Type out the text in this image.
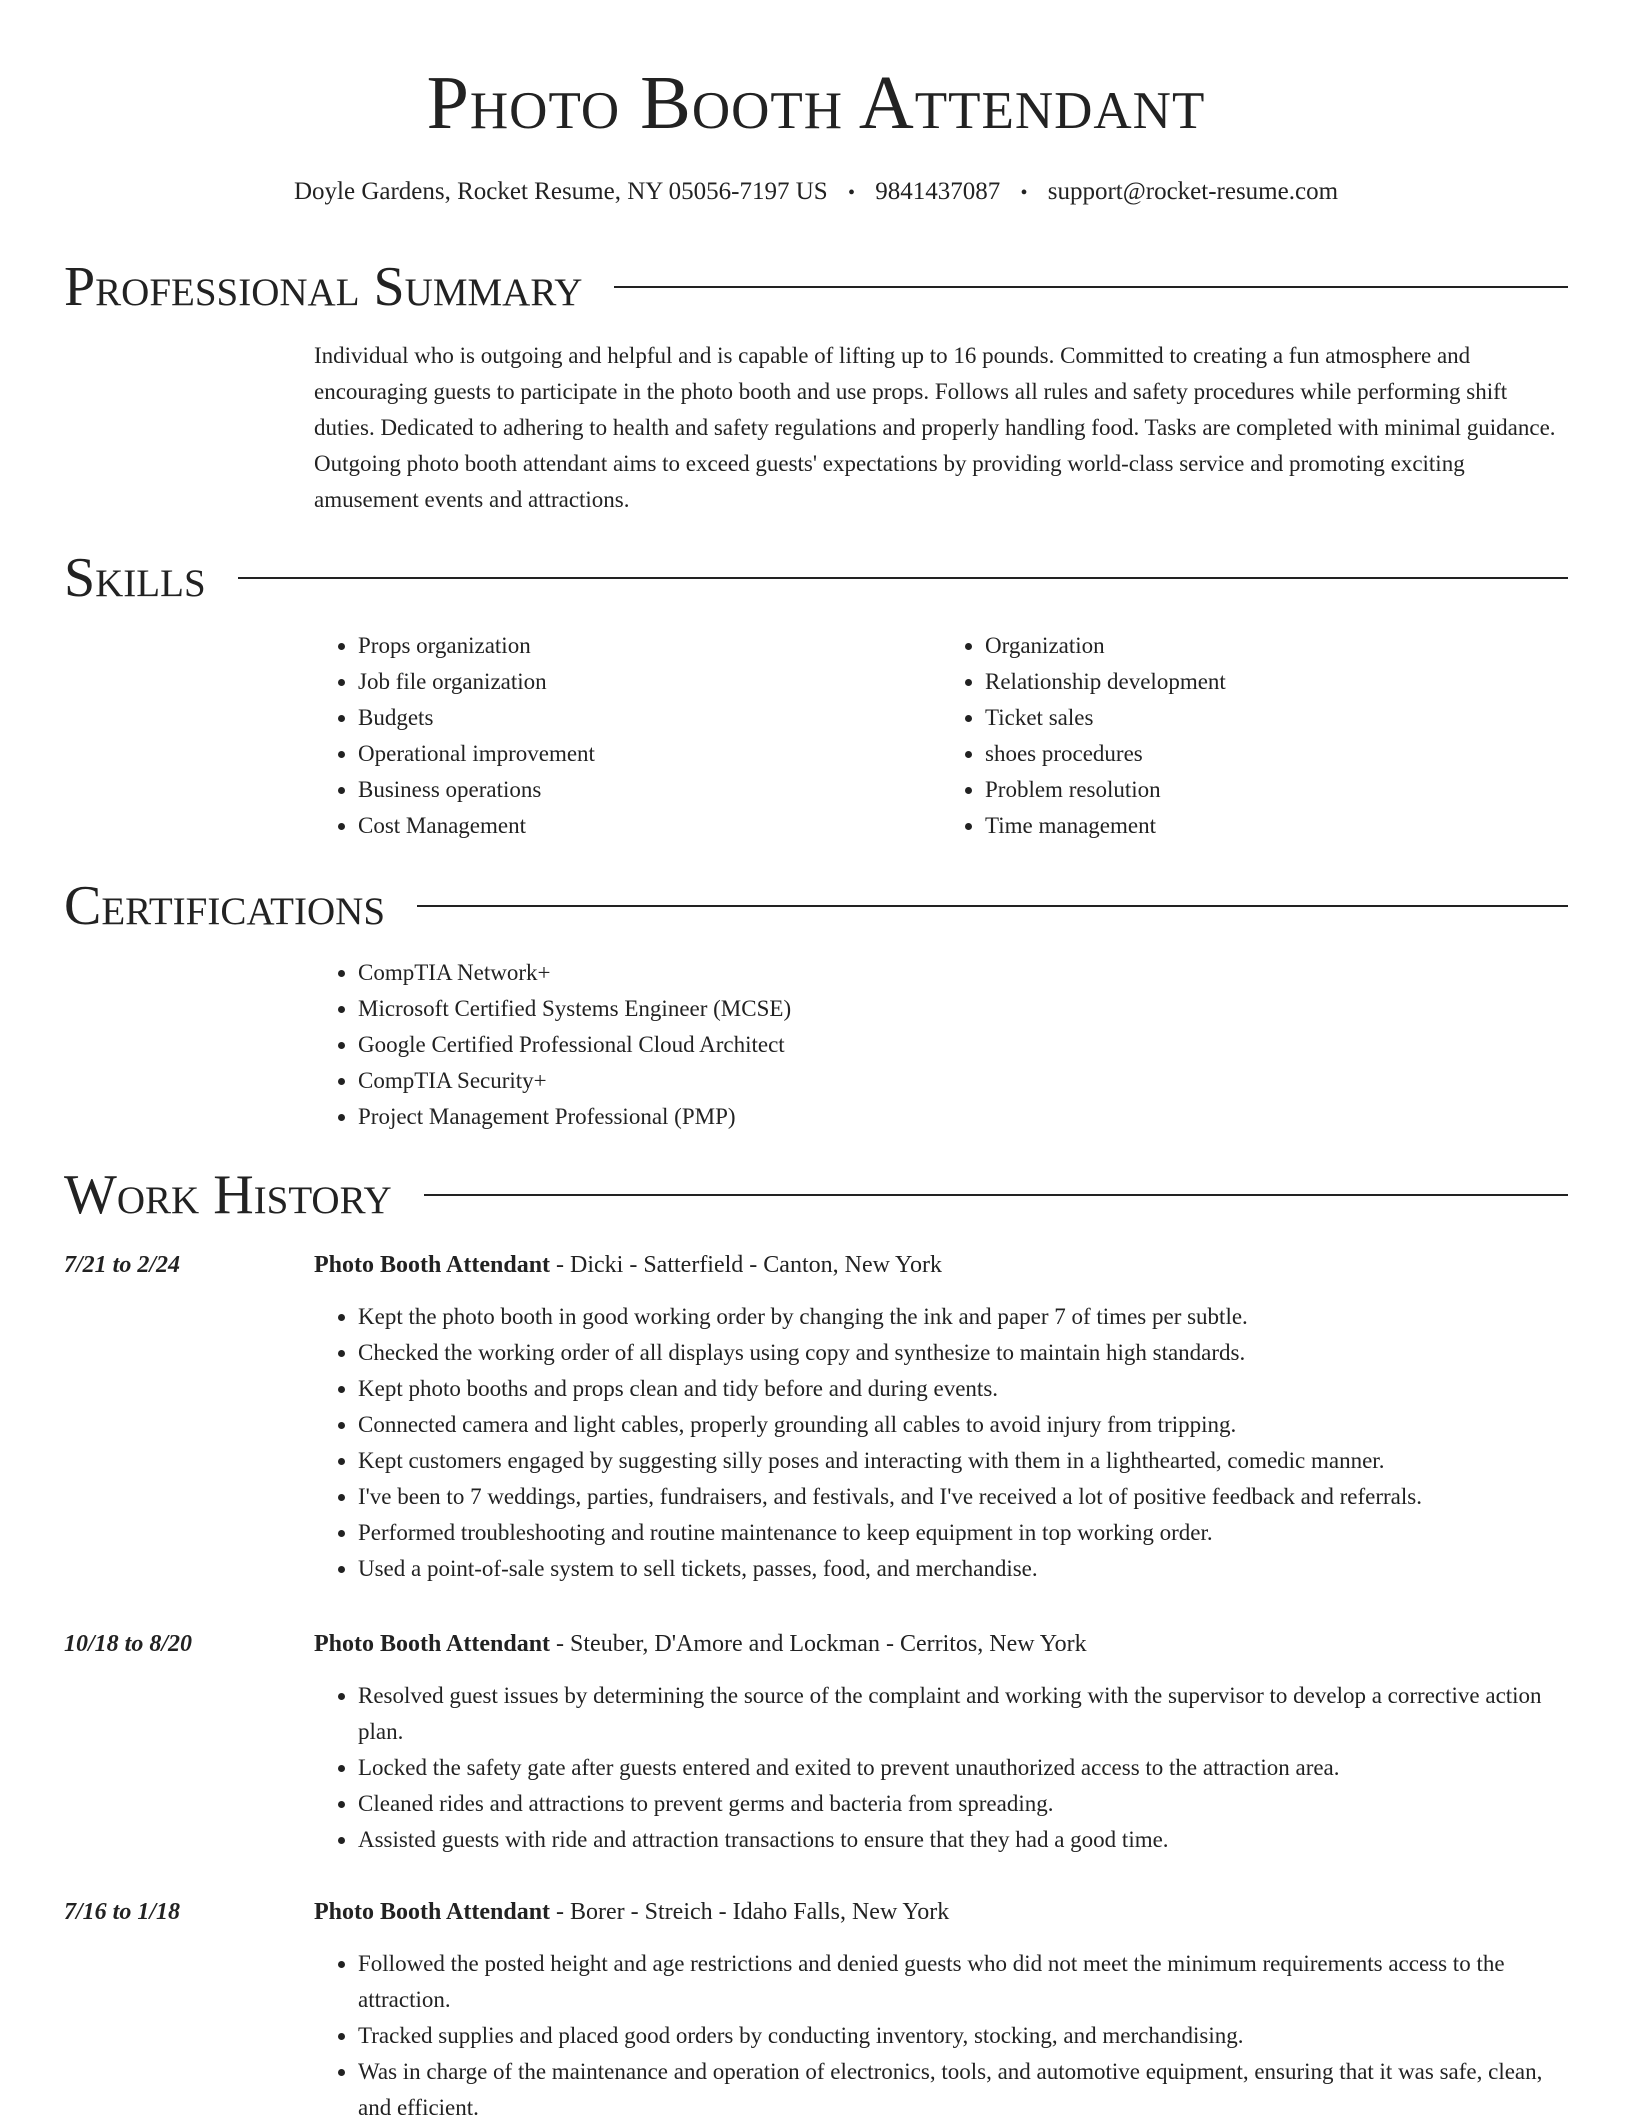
Photo Booth Attendant
Doyle Gardens, Rocket Resume, NY 05056-7197 US • 9841437087 • support@rocket-resume.com
Professional Summary
Individual who is outgoing and helpful and is capable of lifting up to 16 pounds. Committed to creating a fun atmosphere and encouraging guests to participate in the photo booth and use props. Follows all rules and safety procedures while performing shift duties. Dedicated to adhering to health and safety regulations and properly handling food. Tasks are completed with minimal guidance. Outgoing photo booth attendant aims to exceed guests' expectations by providing world-class service and promoting exciting amusement events and attractions.
Skills
• Props organization
• Job file organization
• Budgets
• Operational improvement
• Business operations
• Cost Management
• Organization
• Relationship development
• Ticket sales
• shoes procedures
• Problem resolution
• Time management
Certifications
• CompTIA Network+
• Microsoft Certified Systems Engineer (MCSE)
• Google Certified Professional Cloud Architect
• CompTIA Security+
• Project Management Professional (PMP)
Work History
7/21 to 2/24	Photo Booth Attendant - Dicki - Satterfield - Canton, New York
• Kept the photo booth in good working order by changing the ink and paper 7 of times per subtle.
• Checked the working order of all displays using copy and synthesize to maintain high standards.
• Kept photo booths and props clean and tidy before and during events.
• Connected camera and light cables, properly grounding all cables to avoid injury from tripping.
• Kept customers engaged by suggesting silly poses and interacting with them in a lighthearted, comedic manner.
• I've been to 7 weddings, parties, fundraisers, and festivals, and I've received a lot of positive feedback and referrals.
• Performed troubleshooting and routine maintenance to keep equipment in top working order.
• Used a point-of-sale system to sell tickets, passes, food, and merchandise.
10/18 to 8/20	Photo Booth Attendant - Steuber, D'Amore and Lockman - Cerritos, New York
• Resolved guest issues by determining the source of the complaint and working with the supervisor to develop a corrective action plan.
• Locked the safety gate after guests entered and exited to prevent unauthorized access to the attraction area.
• Cleaned rides and attractions to prevent germs and bacteria from spreading.
• Assisted guests with ride and attraction transactions to ensure that they had a good time.
7/16 to 1/18	Photo Booth Attendant - Borer - Streich - Idaho Falls, New York
• Followed the posted height and age restrictions and denied guests who did not meet the minimum requirements access to the attraction.
• Tracked supplies and placed good orders by conducting inventory, stocking, and merchandising.
• Was in charge of the maintenance and operation of electronics, tools, and automotive equipment, ensuring that it was safe, clean, and efficient.
